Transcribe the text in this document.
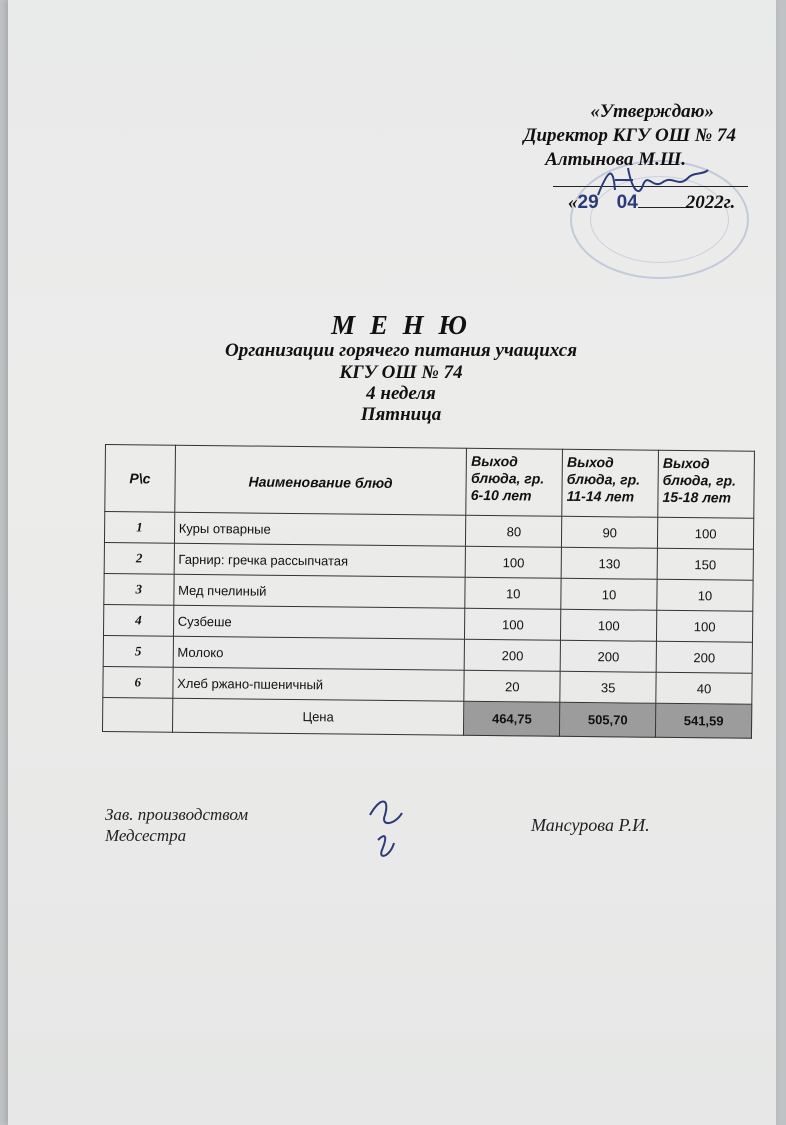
«Утверждаю»
Директор КГУ ОШ № 74
Алтынова М.Ш.
«29 04	2022г.
М Е Н Ю
Организации горячего питания учащихся
КГУ ОШ № 74
4 неделя
Пятница
Р\с	Наименование блюд	Выход блюда, гр. 6-10 лет	Выход блюда, гр. 11-14 лет	Выход блюда, гр. 15-18 лет
1	Куры отварные	80	90	100
2	Гарнир: гречка рассыпчатая	100	130	150
3	Мед пчелиный	10	10	10
4	Сузбеше	100	100	100
5	Молоко	200	200	200
6	Хлеб ржано-пшеничный	20	35	40
	Цена	464,75	505,70	541,59
Зав. производством
Медсестра
Мансурова Р.И.
